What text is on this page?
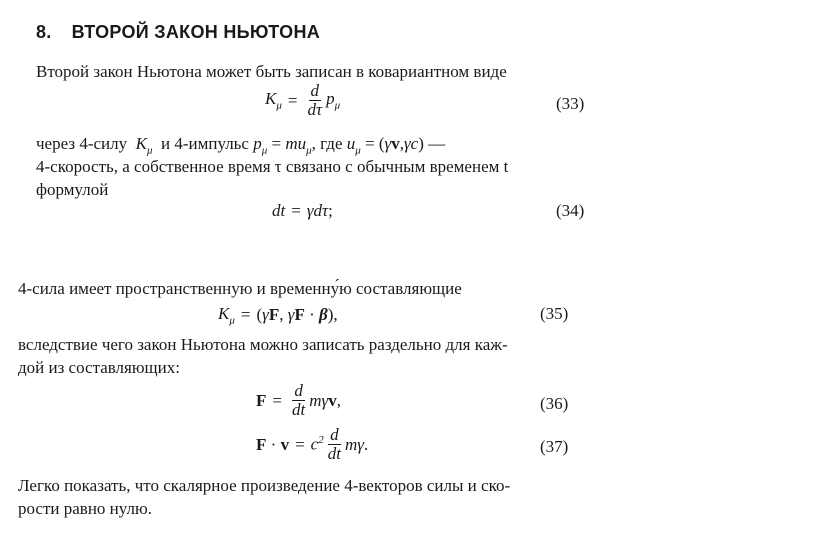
8. ВТОРОЙ ЗАКОН НЬЮТОНА
Второй закон Ньютона может быть записан в ковариантном виде
$K_\mu = \frac{d}{d\tau} p_\mu$	(33)
через 4-силу $K_\mu$ и 4-импульс $p_\mu = mu_\mu$, где $u_\mu = (\gamma v,\gamma c)$ —
4-скорость, а собственное время τ связано с обычным временем t
формулой
dt = γdτ ;	(34)
4-сила имеет пространственную и временну́ю составляющие
$K_\mu$ = ( γ F , γ F · β ),	(35)
вследствие чего закон Ньютона можно записать раздельно для каж-
дой из составляющих:
$F = \frac{d}{dt}$ mγ v ,	(36)
$F \cdot v = c^2 \frac{d}{dt}$ mγ .	(37)
Легко показать, что скалярное произведение 4-векторов силы и ско-
рости равно нулю.
